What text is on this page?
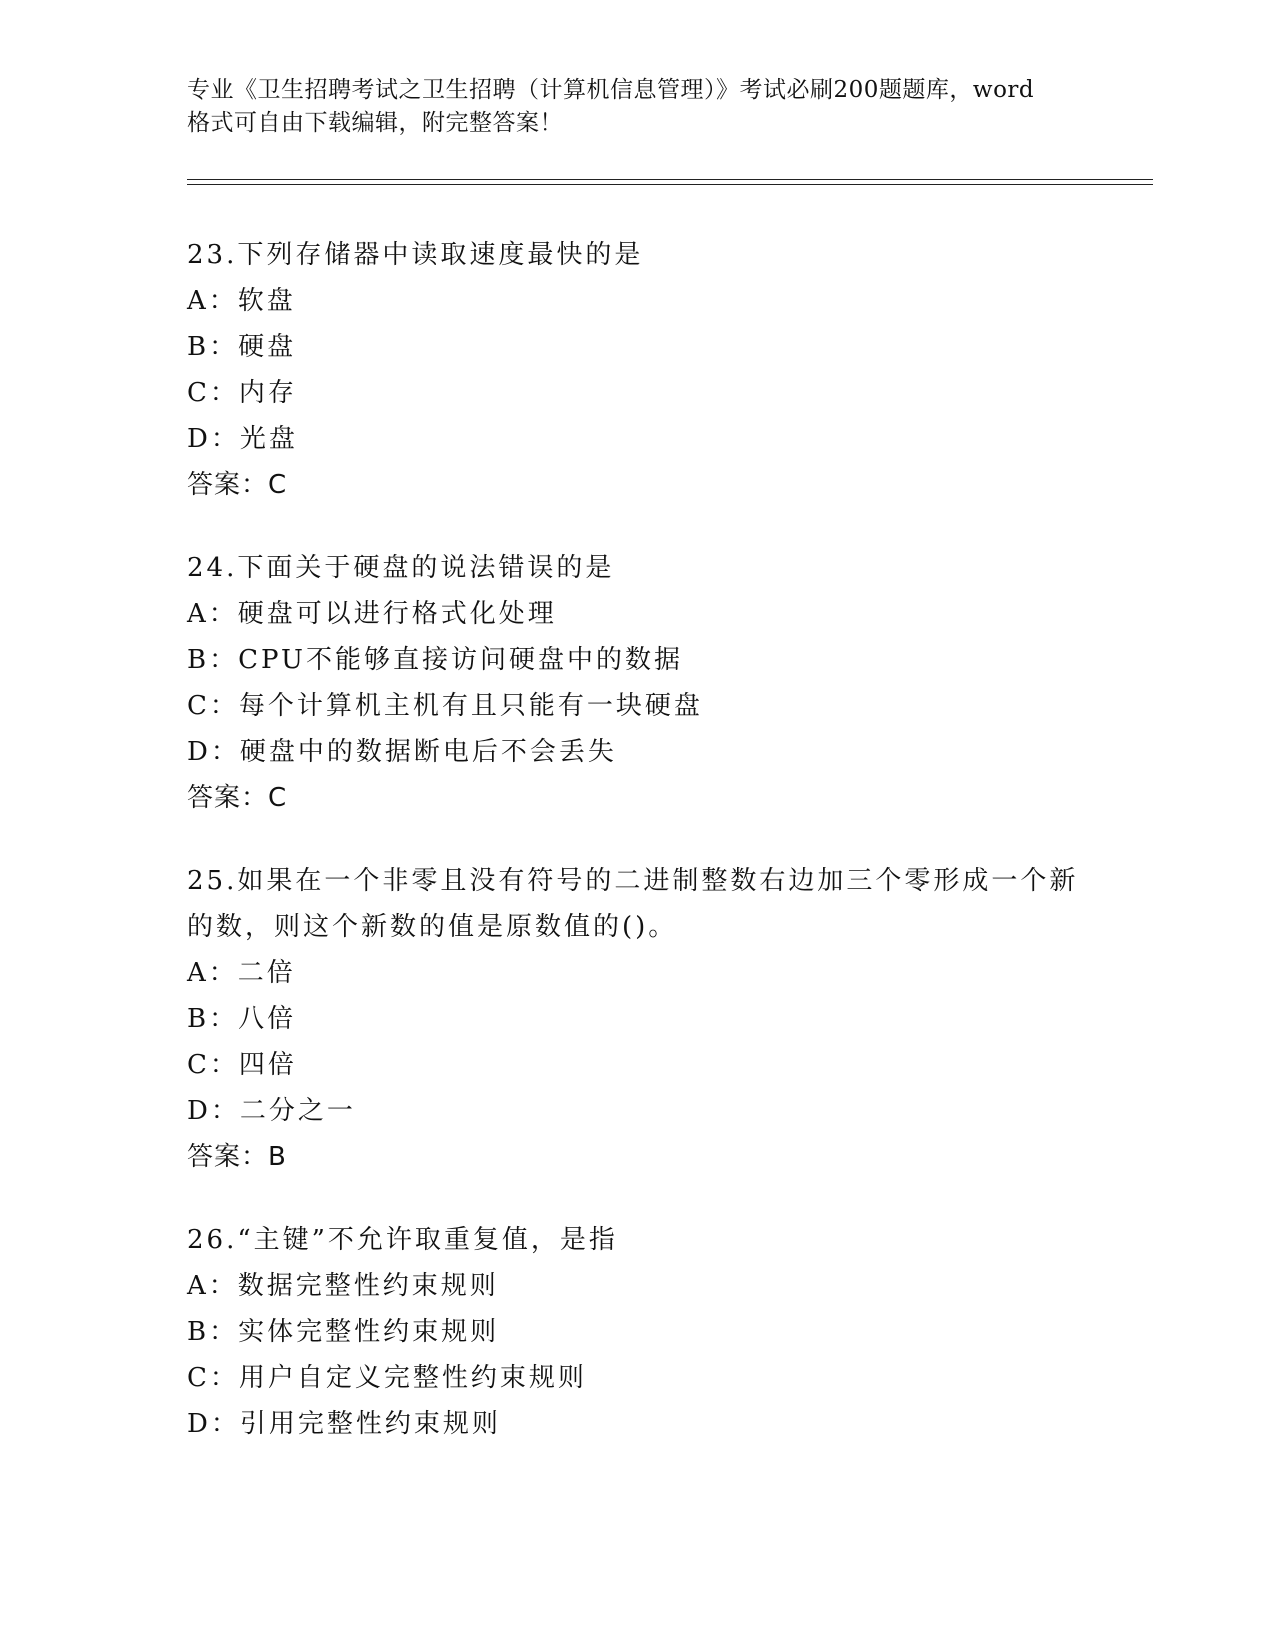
专业《卫生招聘考试之卫生招聘（计算机信息管理）》考试必刷200题题库，word
格式可自由下载编辑，附完整答案！
23.下列存储器中读取速度最快的是
A：软盘
B：硬盘
C：内存
D：光盘
答案：C
24.下面关于硬盘的说法错误的是
A：硬盘可以进行格式化处理
B：CPU不能够直接访问硬盘中的数据
C：每个计算机主机有且只能有一块硬盘
D：硬盘中的数据断电后不会丢失
答案：C
25.如果在一个非零且没有符号的二进制整数右边加三个零形成一个新
的数，则这个新数的值是原数值的()。
A：二倍
B：八倍
C：四倍
D：二分之一
答案：B
26.“主键”不允许取重复值，是指
A：数据完整性约束规则
B：实体完整性约束规则
C：用户自定义完整性约束规则
D：引用完整性约束规则
